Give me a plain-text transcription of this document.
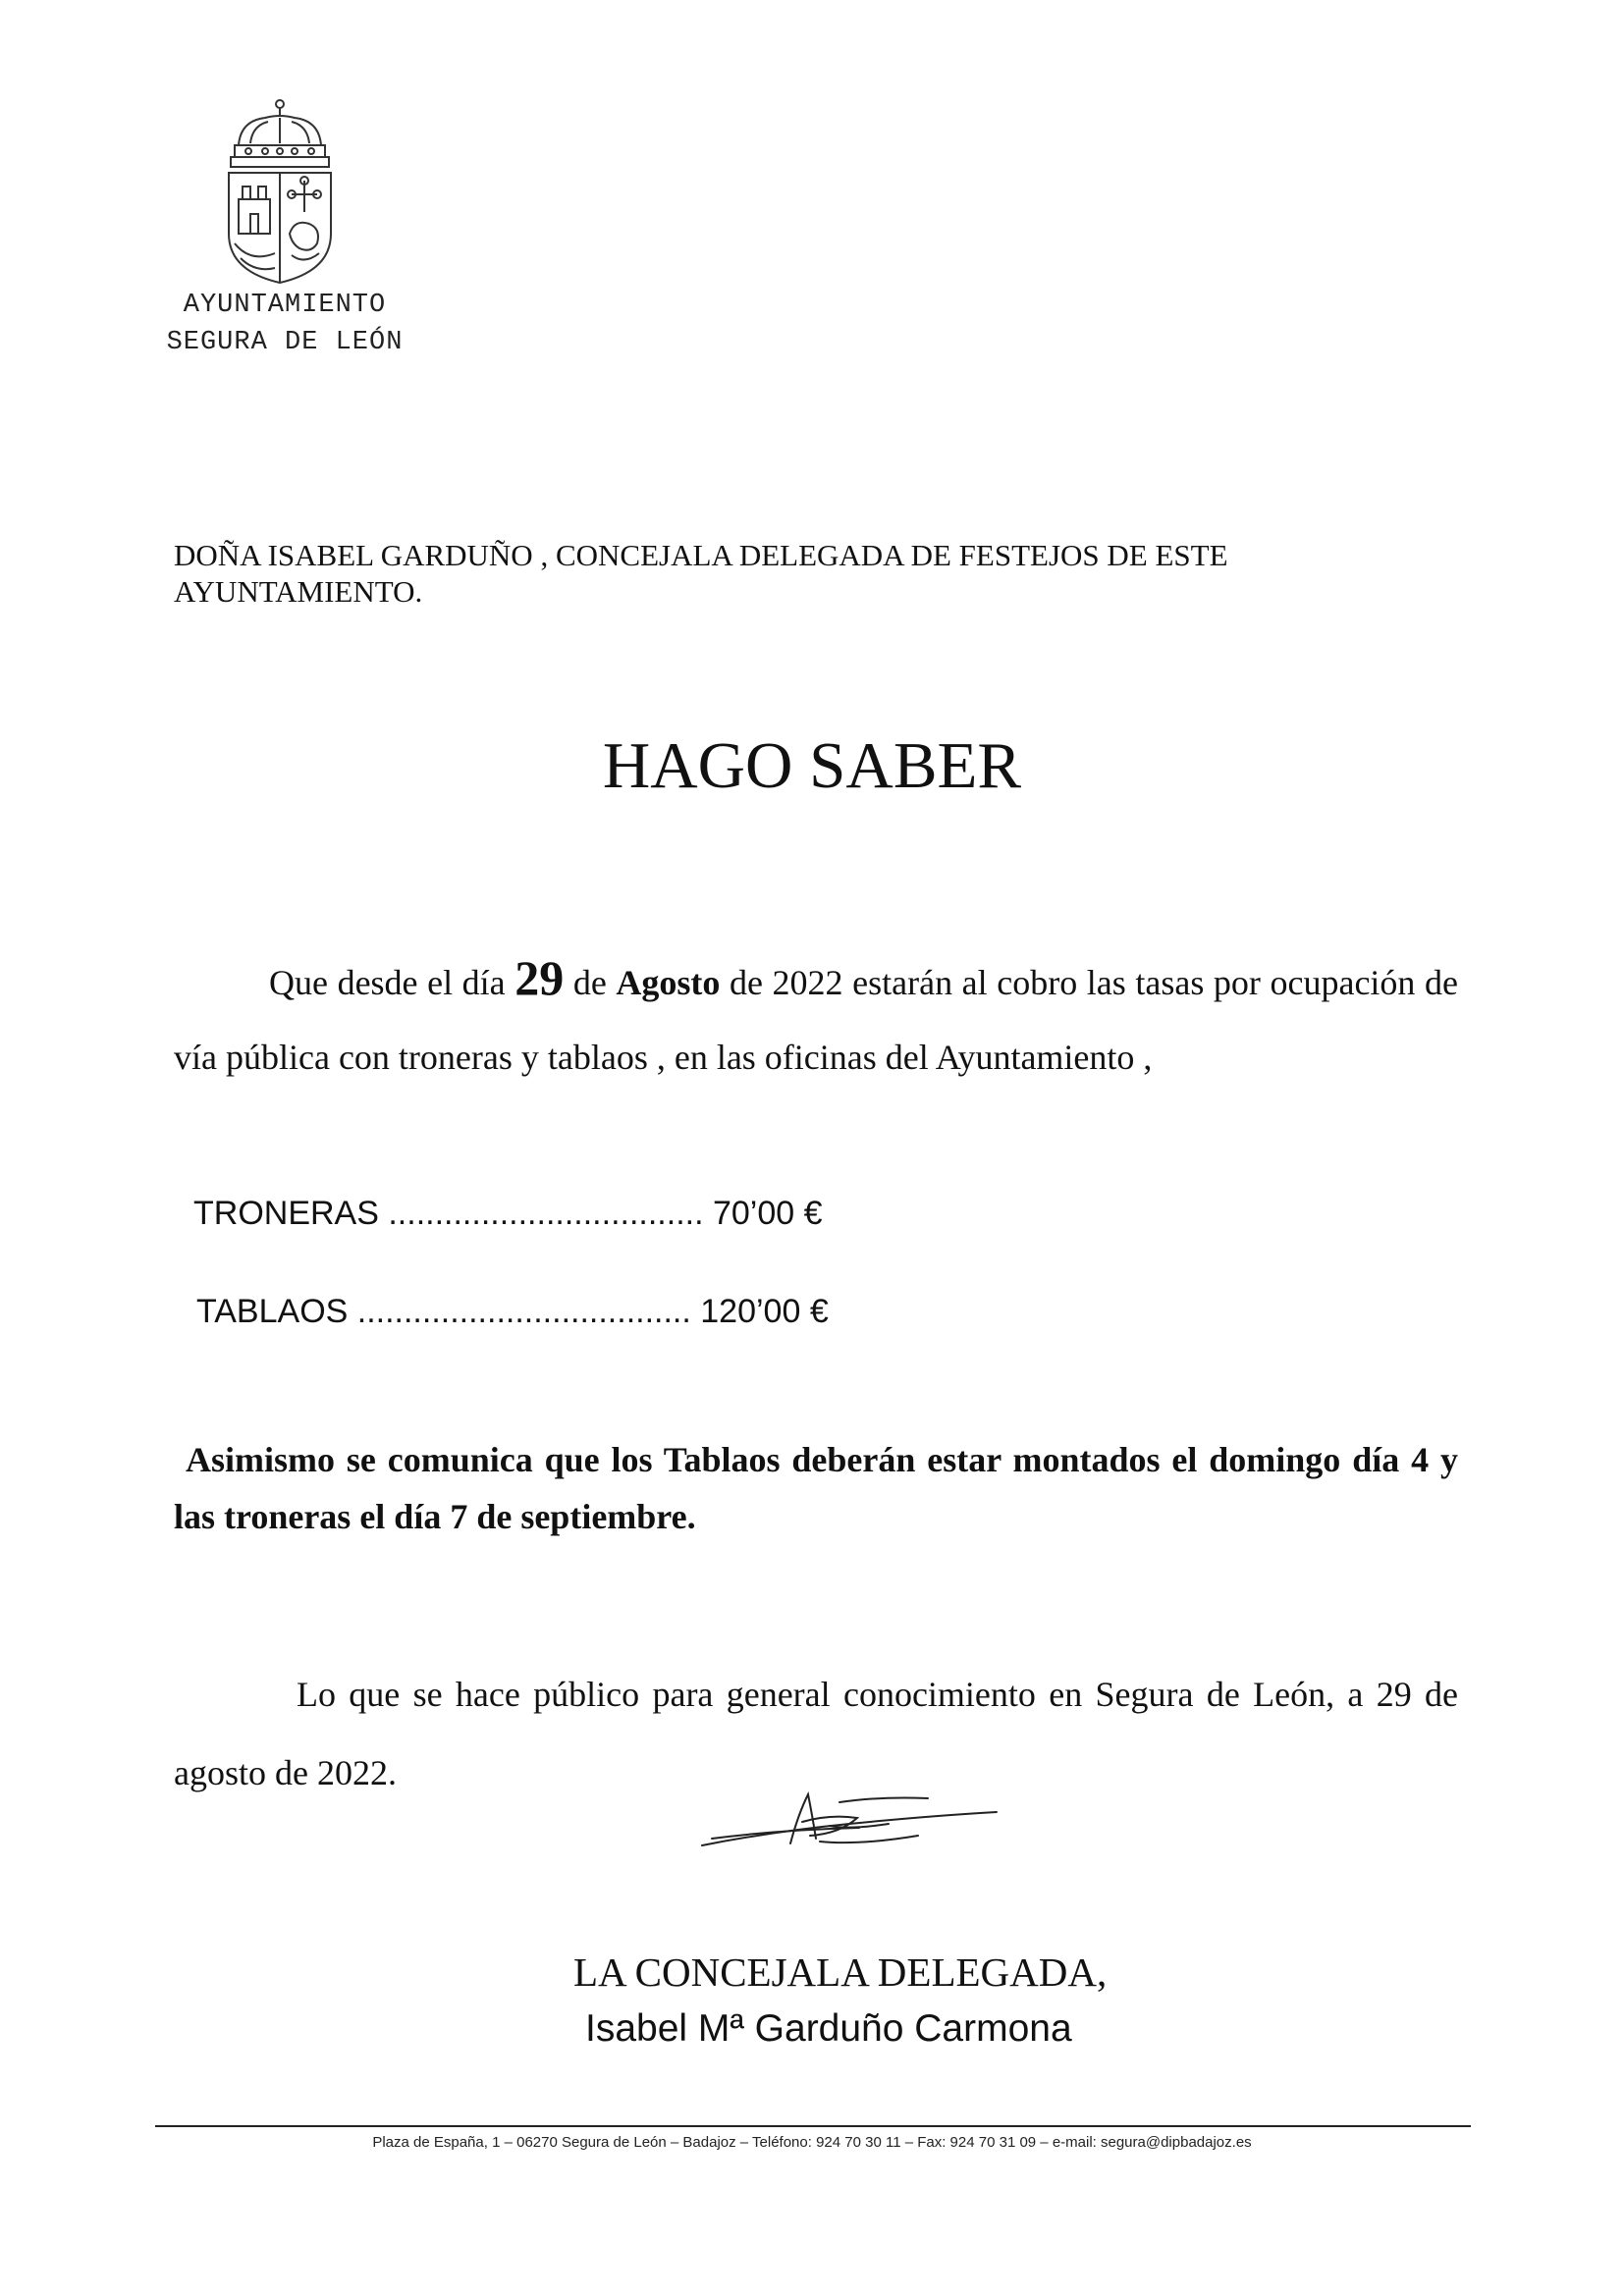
AYUNTAMIENTO
SEGURA DE LEÓN
DOÑA ISABEL GARDUÑO , CONCEJALA DELEGADA DE FESTEJOS DE ESTE
AYUNTAMIENTO.
HAGO SABER
Que desde el día 29 de Agosto de 2022 estarán al cobro las tasas por ocupación de vía pública con troneras y tablaos , en las oficinas del Ayuntamiento ,
TRONERAS .................................. 70’00 €
TABLAOS .................................... 120’00 €
Asimismo se comunica que los Tablaos deberán estar montados el domingo día 4 y las troneras el día 7 de septiembre.
Lo que se hace público para general conocimiento en Segura de León, a 29 de agosto de 2022.
LA CONCEJALA DELEGADA,
Isabel Mª Garduño Carmona
Plaza de España, 1 – 06270 Segura de León – Badajoz – Teléfono: 924 70 30 11 – Fax: 924 70 31 09 – e-mail: segura@dipbadajoz.es
